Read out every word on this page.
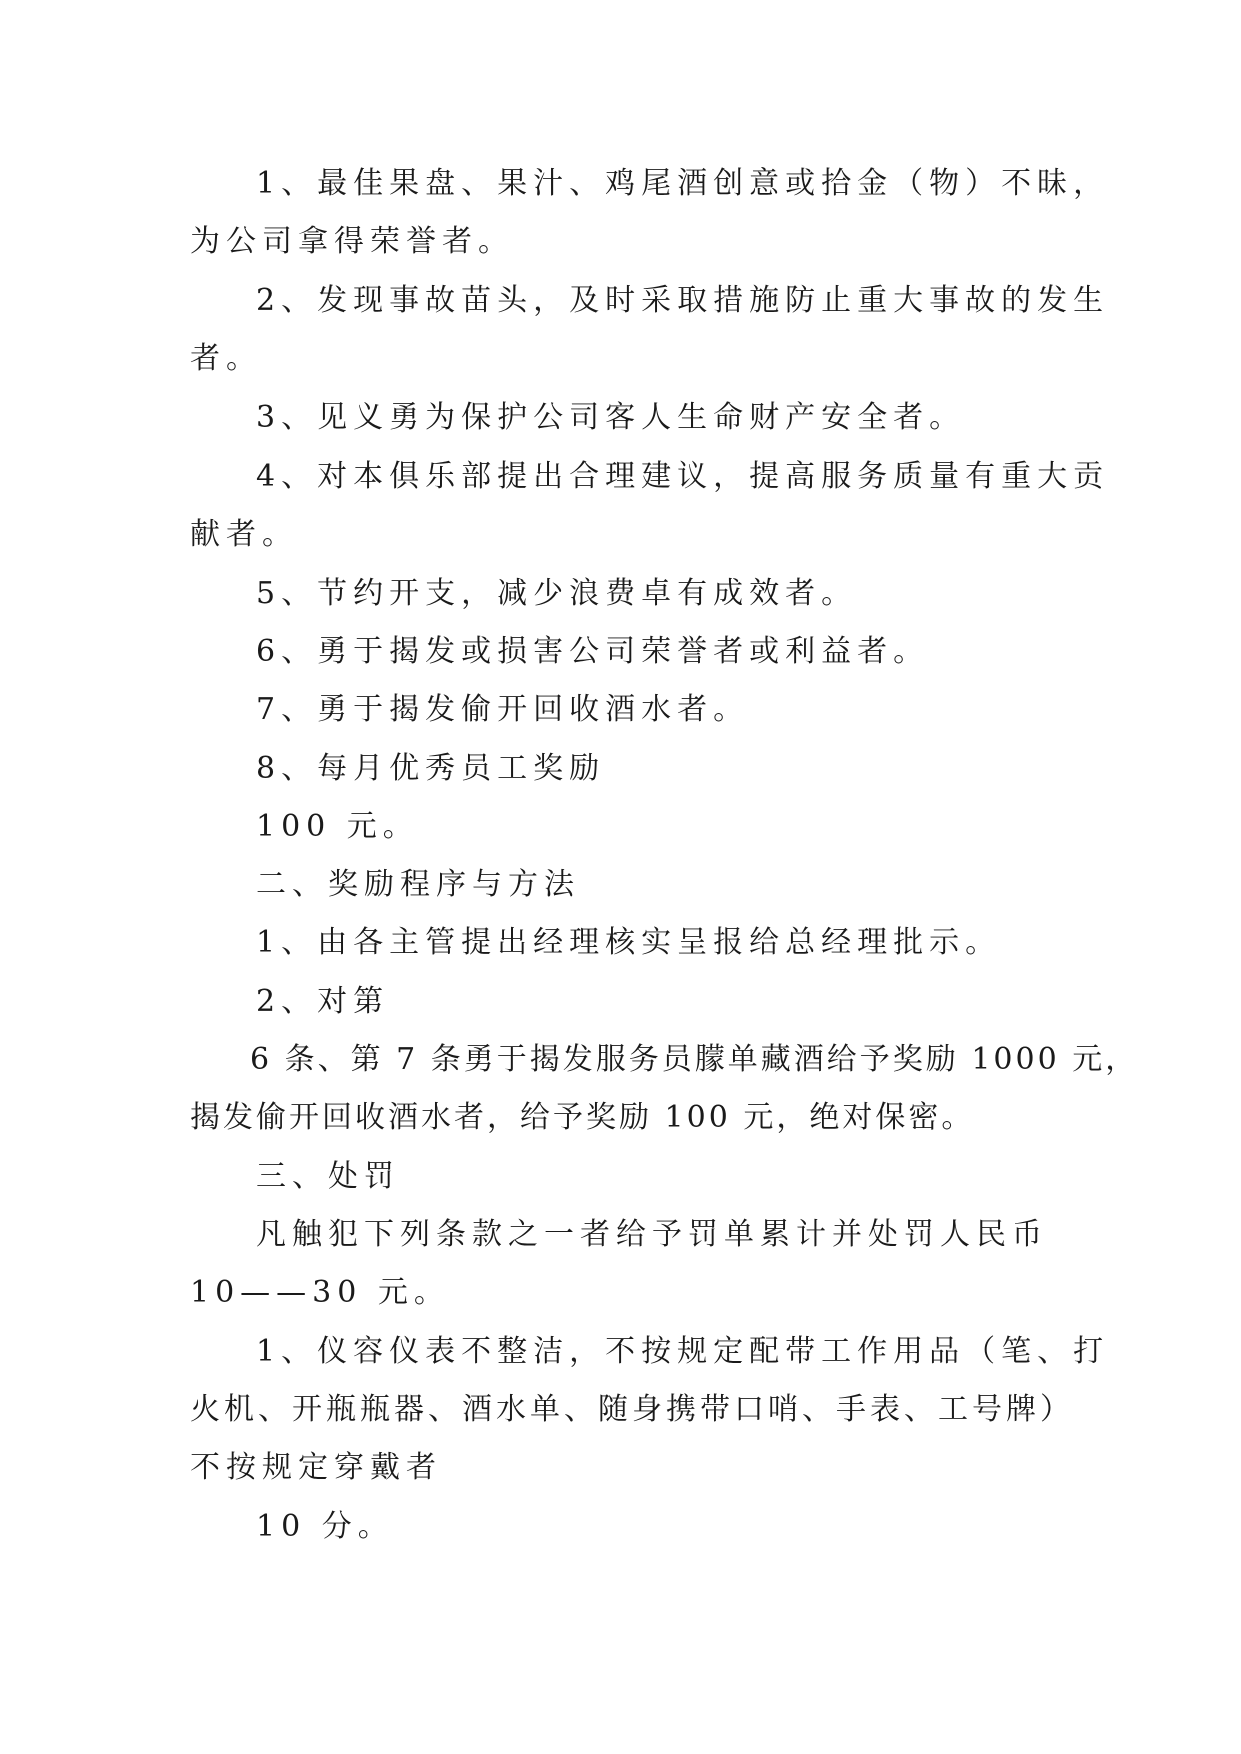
1、最佳果盘、果汁、鸡尾酒创意或拾金（物）不昧，
为公司拿得荣誉者。
2、发现事故苗头，及时采取措施防止重大事故的发生
者。
3、见义勇为保护公司客人生命财产安全者。
4、对本俱乐部提出合理建议，提高服务质量有重大贡
献者。
5、节约开支，减少浪费卓有成效者。
6、勇于揭发或损害公司荣誉者或利益者。
7、勇于揭发偷开回收酒水者。
8、每月优秀员工奖励
100 元。
二、奖励程序与方法
1、由各主管提出经理核实呈报给总经理批示。
2、对第
6 条、第 7 条勇于揭发服务员朦单藏酒给予奖励 1000 元，
揭发偷开回收酒水者，给予奖励 100 元，绝对保密。
三、处罚
凡触犯下列条款之一者给予罚单累计并处罚人民币
10——30 元。
1、仪容仪表不整洁，不按规定配带工作用品（笔、打
火机、开瓶瓶器、酒水单、随身携带口哨、手表、工号牌）
不按规定穿戴者
10 分。
